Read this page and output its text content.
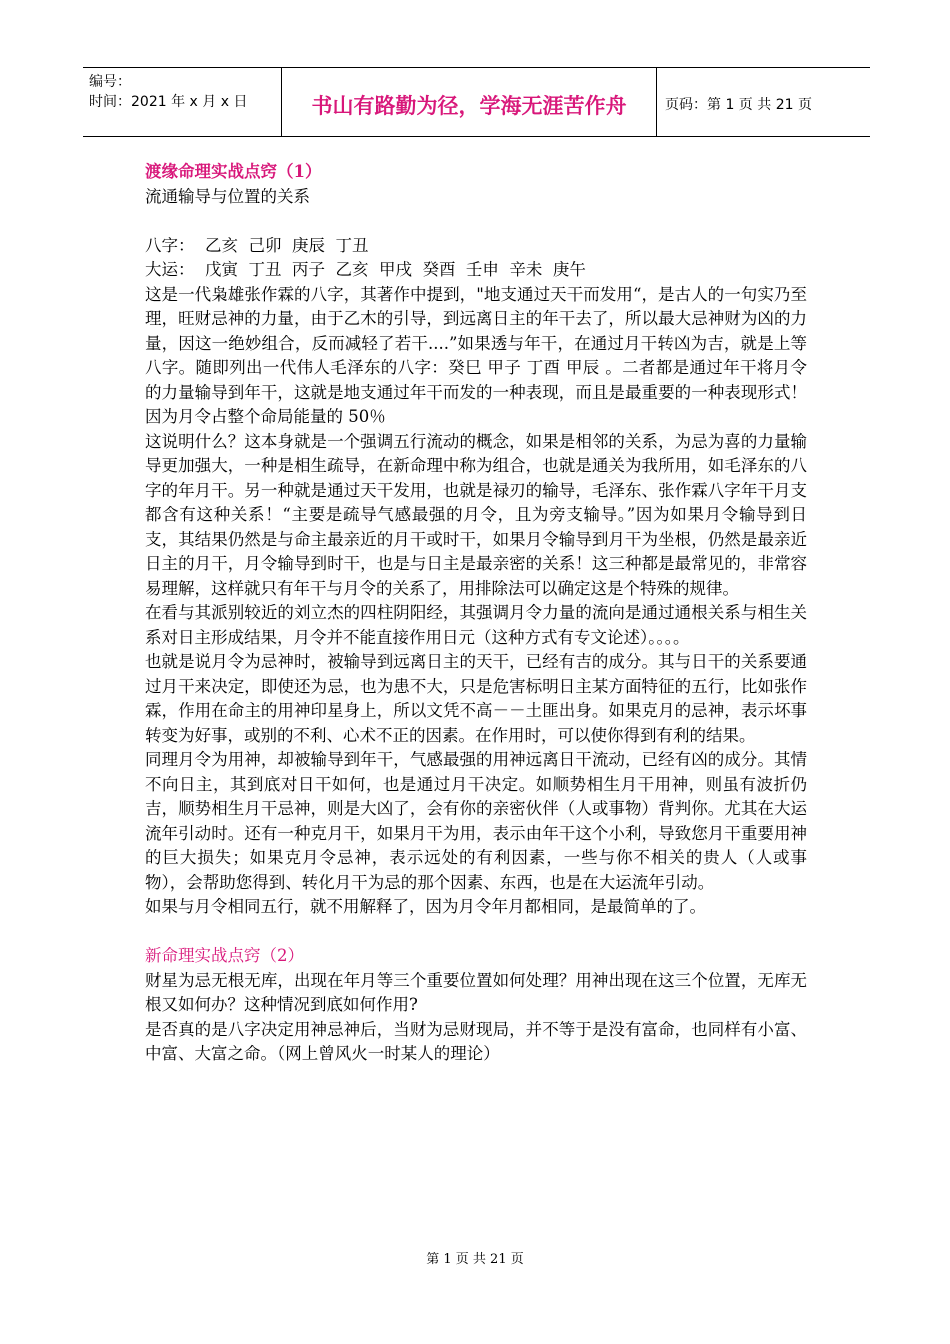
编号：
时间：2021 年 x 月 x 日	书山有路勤为径，学海无涯苦作舟	页码：第 1 页 共 21 页

渡缘命理实战点窍（1）

流通输导与位置的关系

八字：  乙亥  己卯  庚辰  丁丑

大运：  戊寅  丁丑  丙子  乙亥  甲戌  癸酉  壬申  辛未  庚午

这是一代枭雄张作霖的八字，其著作中提到，"地支通过天干而发用“，是古人的一句实乃至理，旺财忌神的力量，由于乙木的引导，到远离日主的年干去了，所以最大忌神财为凶的力量，因这一绝妙组合，反而减轻了若干....”如果透与年干，在通过月干转凶为吉，就是上等八字。随即列出一代伟人毛泽东的八字：癸巳 甲子 丁酉 甲辰 。二者都是通过年干将月令的力量输导到年干，这就是地支通过年干而发的一种表现，而且是最重要的一种表现形式！因为月令占整个命局能量的 50％

这说明什么？这本身就是一个强调五行流动的概念，如果是相邻的关系，为忌为喜的力量输导更加强大，一种是相生疏导，在新命理中称为组合，也就是通关为我所用，如毛泽东的八字的年月干。另一种就是通过天干发用，也就是禄刃的输导，毛泽东、张作霖八字年干月支都含有这种关系！“主要是疏导气感最强的月令，且为旁支输导。”因为如果月令输导到日支，其结果仍然是与命主最亲近的月干或时干，如果月令输导到月干为坐根，仍然是最亲近日主的月干，月令输导到时干，也是与日主是最亲密的关系！这三种都是最常见的，非常容易理解，这样就只有年干与月令的关系了，用排除法可以确定这是个特殊的规律。

在看与其派别较近的刘立杰的四柱阴阳经，其强调月令力量的流向是通过通根关系与相生关系对日主形成结果，月令并不能直接作用日元（这种方式有专文论述）。。。。

也就是说月令为忌神时，被输导到远离日主的天干，已经有吉的成分。其与日干的关系要通过月干来决定，即使还为忌，也为患不大，只是危害标明日主某方面特征的五行，比如张作霖，作用在命主的用神印星身上，所以文凭不高－－土匪出身。如果克月的忌神，表示坏事转变为好事，或别的不利、心术不正的因素。在作用时，可以使你得到有利的结果。

同理月令为用神，却被输导到年干，气感最强的用神远离日干流动，已经有凶的成分。其情不向日主，其到底对日干如何，也是通过月干决定。如顺势相生月干用神，则虽有波折仍吉，顺势相生月干忌神，则是大凶了，会有你的亲密伙伴（人或事物）背判你。尤其在大运流年引动时。还有一种克月干，如果月干为用，表示由年干这个小利，导致您月干重要用神的巨大损失；如果克月令忌神，表示远处的有利因素，一些与你不相关的贵人（人或事物），会帮助您得到、转化月干为忌的那个因素、东西，也是在大运流年引动。

如果与月令相同五行，就不用解释了，因为月令年月都相同，是最简单的了。

新命理实战点窍（2）

财星为忌无根无库，出现在年月等三个重要位置如何处理？用神出现在这三个位置，无库无根又如何办？这种情况到底如何作用?

是否真的是八字决定用神忌神后，当财为忌财现局，并不等于是没有富命，也同样有小富、中富、大富之命。（网上曾风火一时某人的理论）

第 1 页 共 21 页
